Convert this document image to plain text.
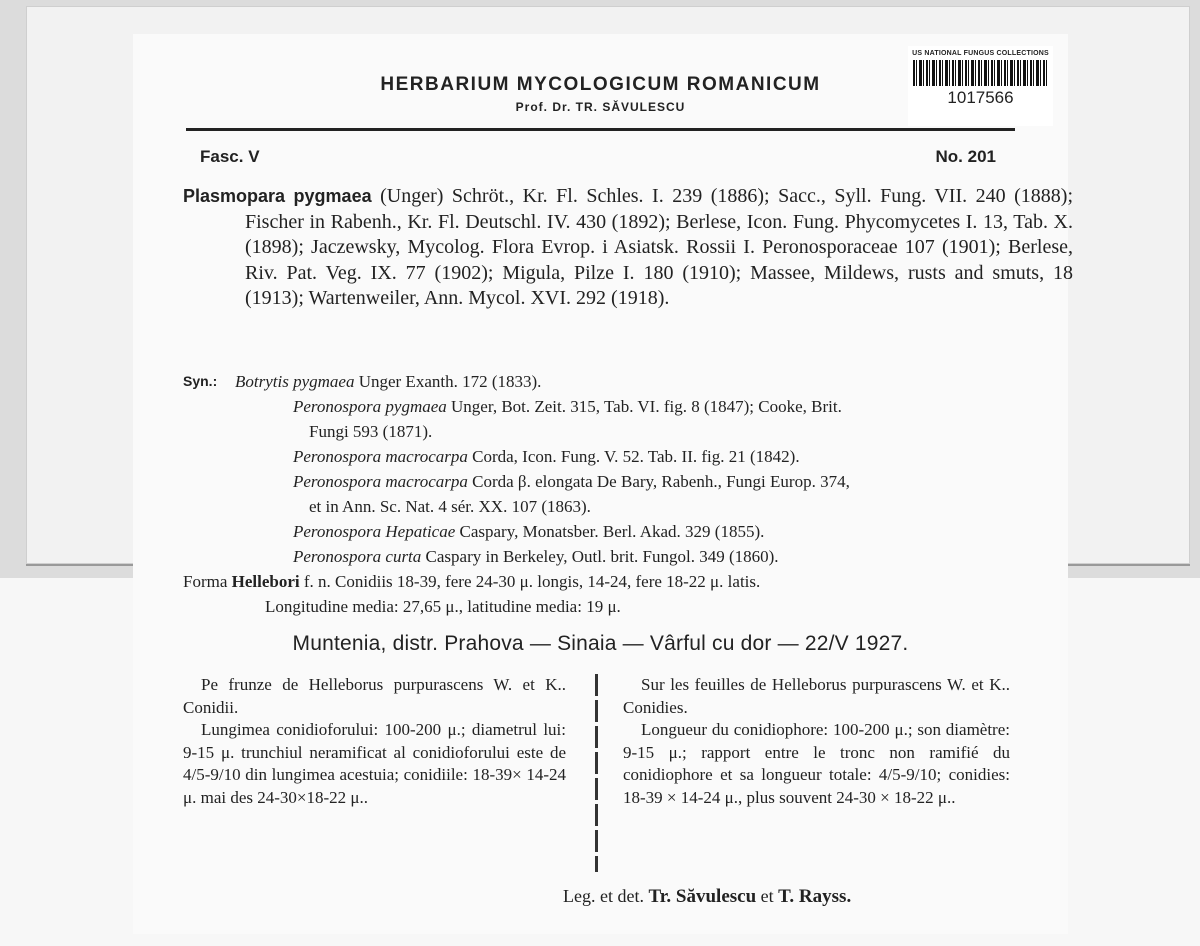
HERBARIUM MYCOLOGICUM ROMANICUM
Prof. Dr. TR. SĂVULESCU
US NATIONAL FUNGUS COLLECTIONS
1017566
Fasc. V	No. 201
Plasmopara pygmaea (Unger) Schröt., Kr. Fl. Schles. I. 239 (1886); Sacc., Syll. Fung. VII. 240 (1888); Fischer in Rabenh., Kr. Fl. Deutschl. IV. 430 (1892); Berlese, Icon. Fung. Phycomycetes I. 13, Tab. X. (1898); Jaczewsky, Mycolog. Flora Evrop. i Asiatsk. Rossii I. Peronosporaceae 107 (1901); Berlese, Riv. Pat. Veg. IX. 77 (1902); Migula, Pilze I. 180 (1910); Massee, Mildews, rusts and smuts, 18 (1913); Wartenweiler, Ann. Mycol. XVI. 292 (1918).
Syn.: Botrytis pygmaea Unger Exanth. 172 (1833).
Peronospora pygmaea Unger, Bot. Zeit. 315, Tab. VI. fig. 8 (1847); Cooke, Brit.
Fungi 593 (1871).
Peronospora macrocarpa Corda, Icon. Fung. V. 52. Tab. II. fig. 21 (1842).
Peronospora macrocarpa Corda β. elongata De Bary, Rabenh., Fungi Europ. 374,
et in Ann. Sc. Nat. 4 sér. XX. 107 (1863).
Peronospora Hepaticae Caspary, Monatsber. Berl. Akad. 329 (1855).
Peronospora curta Caspary in Berkeley, Outl. brit. Fungol. 349 (1860).
Forma Hellebori f. n. Conidiis 18-39, fere 24-30 μ. longis, 14-24, fere 18-22 μ. latis.
Longitudine media: 27,65 μ., latitudine media: 19 μ.
Muntenia, distr. Prahova — Sinaia — Vârful cu dor — 22/V 1927.

Pe frunze de Helleborus purpurascens W. et K.. Conidii.

Lungimea conidioforului: 100-200 μ.; diametrul lui: 9-15 μ. trunchiul neramificat al conidioforului este de 4/5-9/10 din lungimea acestuia; conidiile: 18-39× 14-24 μ. mai des 24-30×18-22 μ..

Sur les feuilles de Helleborus purpurascens W. et K.. Conidies.

Longueur du conidiophore: 100-200 μ.; son diamètre: 9-15 μ.; rapport entre le tronc non ramifié du conidiophore et sa longueur totale: 4/5-9/10; conidies: 18-39 × 14-24 μ., plus souvent 24-30 × 18-22 μ..

Leg. et det. Tr. Săvulescu et T. Rayss.
